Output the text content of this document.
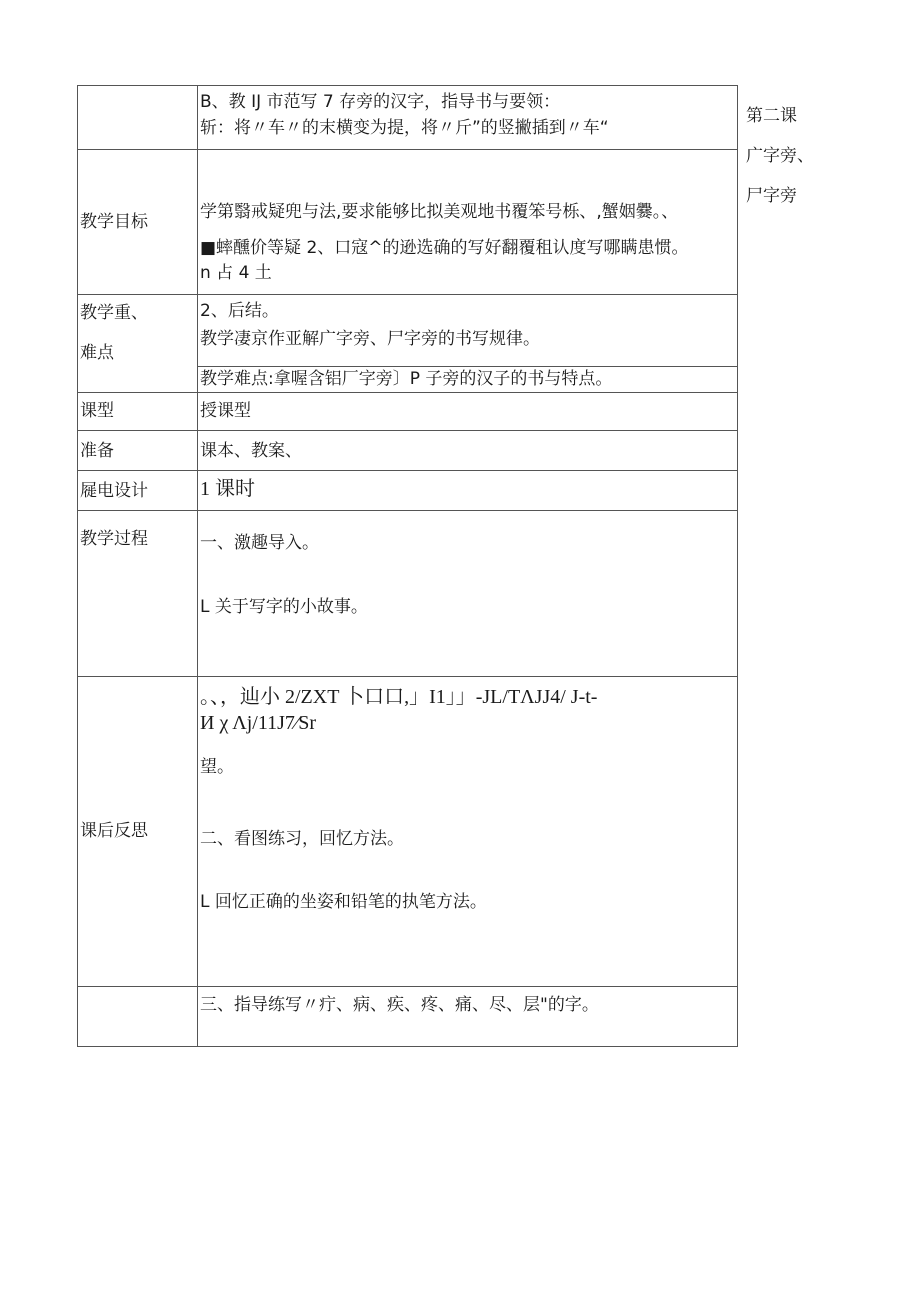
	B、教 IJ 市范写 7 存旁的汉字，指导书与要领：
斩：将〃车〃的末横变为提，将〃斤”的竖撇插到〃车“

教学目标	学第翳戒疑兜与法,要求能够比拟美观地书覆笨号栎、,蟹姻爨。、
■蟀醺价等疑 2、口寇^的逊选确的写好翻覆租认度写哪瞒患惯。
n 占 4 土

教学重、
难点	2、后结。
教学凄京作亚解广字旁、尸字旁的书写规律。

	教学难点:拿喔含铝厂字旁〕P 子旁的汉子的书与特点。

课型	授课型
准备	课本、教案、
屣电设计	1 课时
教学过程	一、激趣导入。
L 关于写字的小故事。

课后反思	。、，辿小 2/ZXT 卜口口,」I1」」-JL/TΛJJ4/ J-t-
И χ Λj/11J7⁄Sr
望。
二、看图练习，回忆方法。
L 回忆正确的坐姿和铅笔的执笔方法。

	三、指导练写〃疔、病、疾、疼、痛、尽、层"的字。
第二课
广字旁、
尸字旁
